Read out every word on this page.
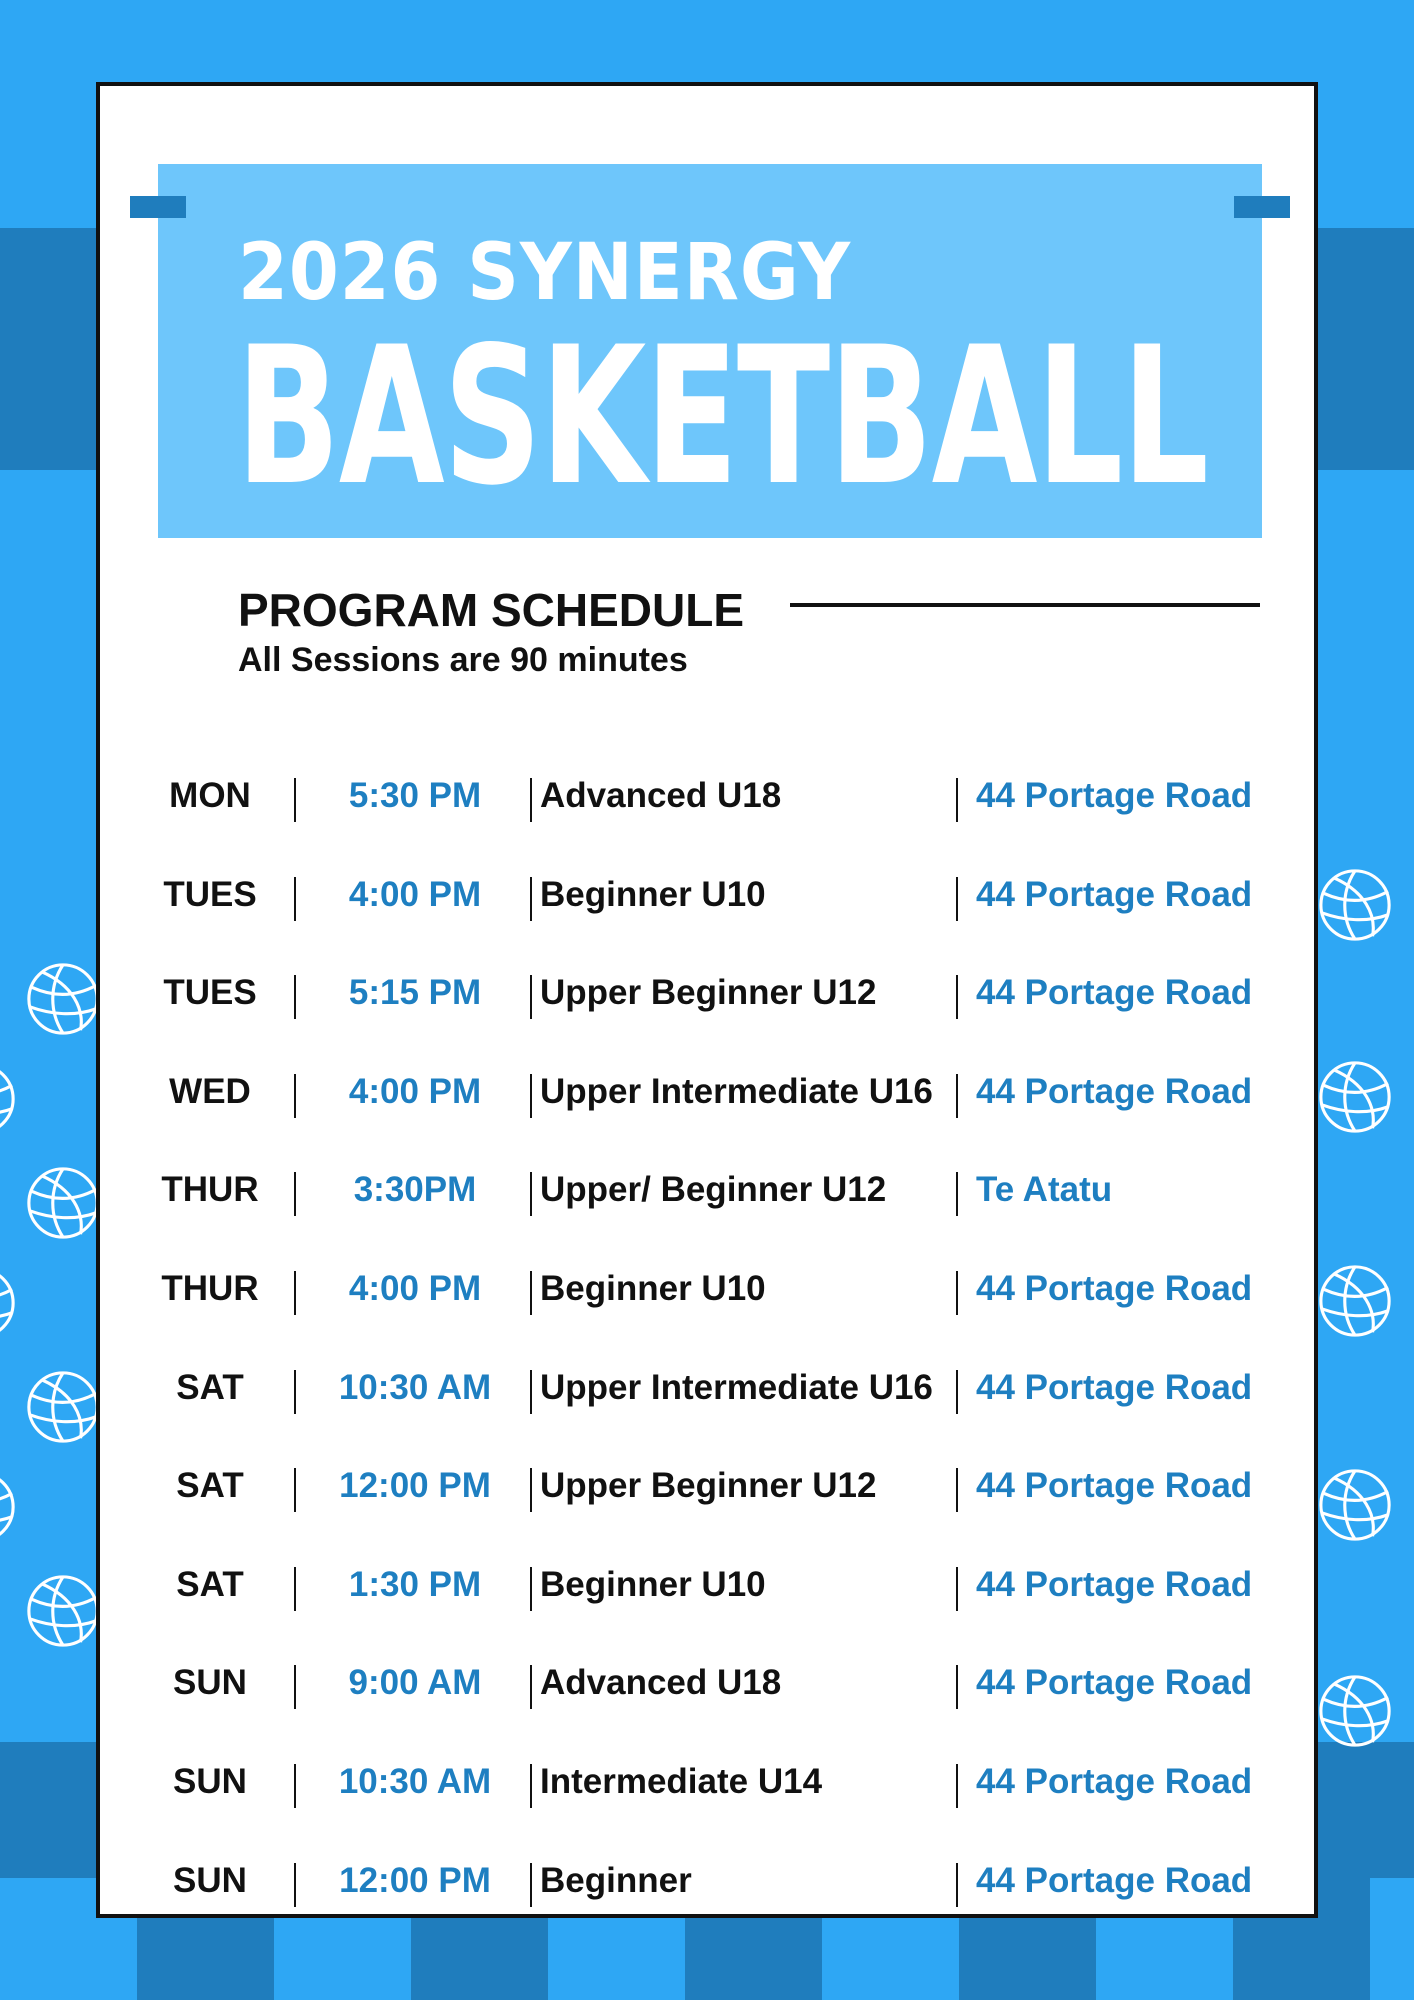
2026 SYNERGY
BASKETBALL
PROGRAM SCHEDULE
All Sessions are 90 minutes
MON	5:30 PM	Advanced U18	44 Portage Road
TUES	4:00 PM	Beginner U10	44 Portage Road
TUES	5:15 PM	Upper Beginner U12	44 Portage Road
WED	4:00 PM	Upper Intermediate U16	44 Portage Road
THUR	3:30PM	Upper/ Beginner U12	Te Atatu
THUR	4:00 PM	Beginner U10	44 Portage Road
SAT	10:30 AM	Upper Intermediate U16	44 Portage Road
SAT	12:00 PM	Upper Beginner U12	44 Portage Road
SAT	1:30 PM	Beginner U10	44 Portage Road
SUN	9:00 AM	Advanced U18	44 Portage Road
SUN	10:30 AM	Intermediate U14	44 Portage Road
SUN	12:00 PM	Beginner	44 Portage Road
